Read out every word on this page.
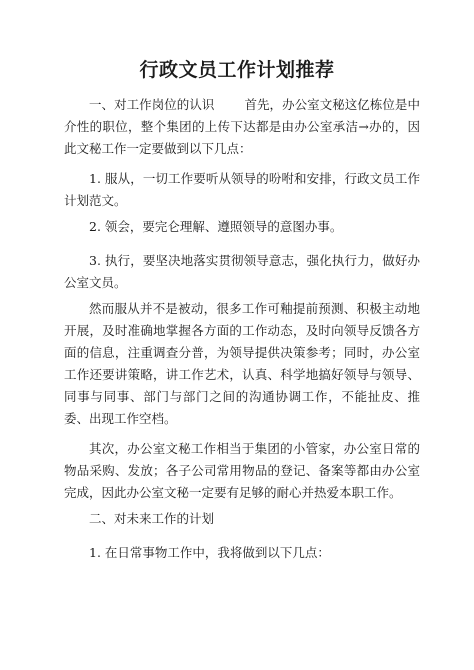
行政文员工作计划推荐

一、对工作岗位的认识 首先，办公室文秘这亿栋位是中介性的职位，整个集团的上传下达都是由办公室承洁→办的，因此文秘工作一定要做到以下几点：

1. 服从，一切工作要听从领导的吩咐和安排，行政文员工作计划范文。

2. 领会，要完仑理解、遵照领导的意图办事。

3. 执行，要坚决地落实贯彻领导意志，强化执行力，做好办公室文员。

然而服从并不是被动，很多工作可釉提前预测、积极主动地开展，及时准确地掌握各方面的工作动态，及时向领导反馈各方面的信息，注重调查分普，为领导提供决策参考；同时，办公室工作还要讲策略，讲工作艺术，认真、科学地搞好领导与领导、同事与同事、部门与部门之间的沟通协调工作，不能扯皮、推委、出现工作空档。

其次，办公室文秘工作相当于集团的小管家，办公室日常的物品采购、发放；各子公司常用物品的登记、备案等都由办公室完成，因此办公室文秘一定要有足够的耐心并热爱本职工作。

二、对未来工作的计划

1. 在日常事物工作中，我将做到以下几点：
